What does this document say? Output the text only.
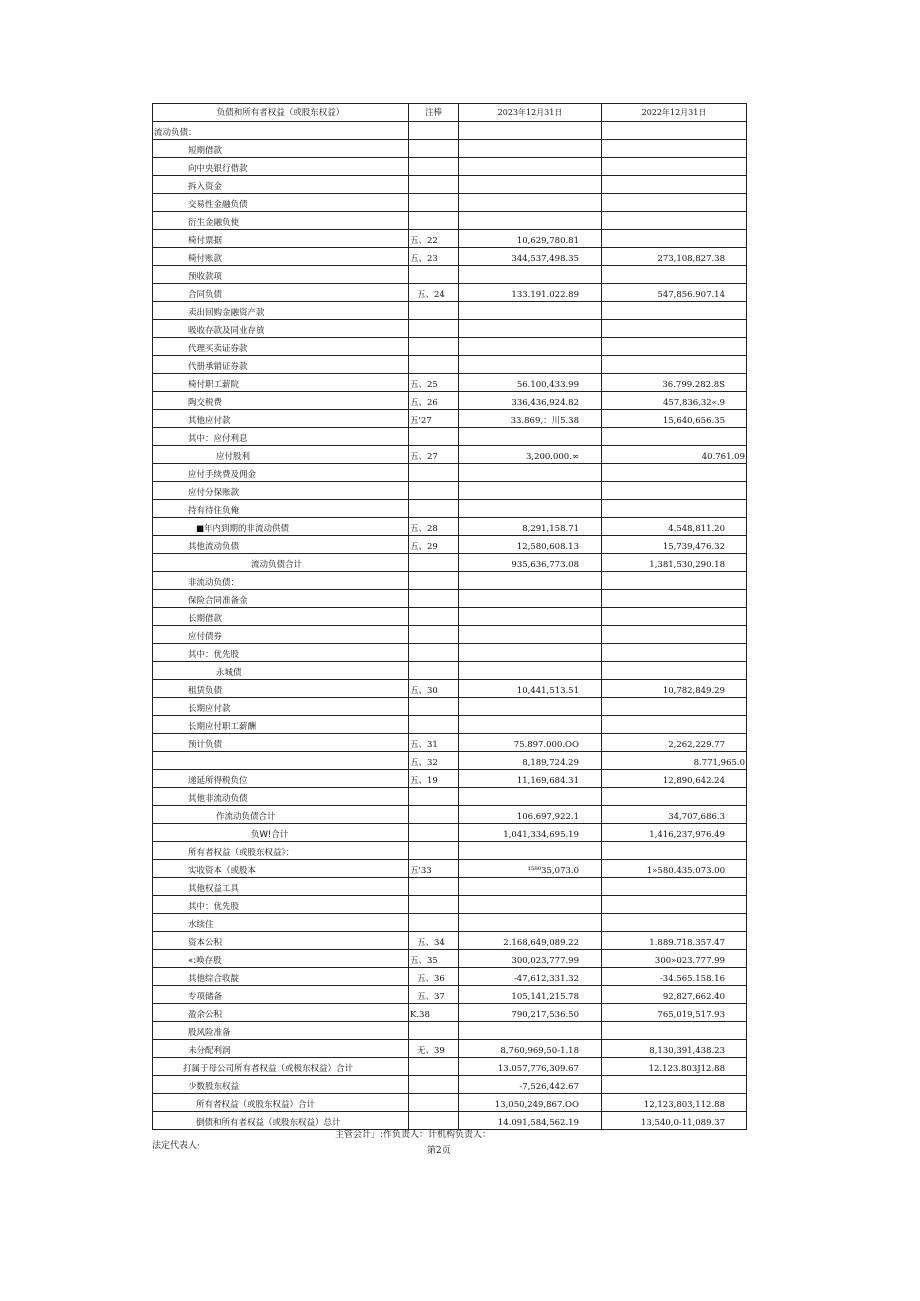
负债和所有者权益（或股东权益）	注棒	2023年12月31日	2022年12月31日
流动负债：			
短期借款			
向中央银行借款			
拆入资金			
交易性金融负债			
衍生金融负使			
椅付票据	五、22	10,629,780.81	
椅付账款	五、23	344,537,498.35	273,108,827.38
预收款项			
合同负债	五、24	133.191.022.89	547,856.907.14
卖出回购金融资产款			
吸收存款及同业存放			
代理买卖证券款			
代册承销证券款			
椅付职工薪院	五、25	56.100,433.99	36.799.282.8S
陶交税费	五、26	336,436,924.82	457,836,32«.9
其他应付款	五'27	33.869,：川5.38	15,640,656.35
其中：应付利息			
应付股利	五、27	3,200.000.∞	40.761.09
应付手续费及佣金			
应付分保账款			
持有待住负俺			
■年内到期的非流动供债	五、28	8,291,158.71	4.548,811.20
其他流动负债	五、29	12,580,608.13	15,739,476.32
流动负债合计		935,636,773.08	1,381,530,290.18
非流动负债：			
保险合同准备金			
长期借款			
应付债券			
其中：优先股			
永城债			
租赁负债	五、30	10,441,513.51	10,782,849.29
长期应付款			
长期应付职工薪酬			
预计负债	五、31	75.897.000.OO	2,262,229.77
	五、32	8,189,724.29	8.771,965.0
递延所得税负位	五、19	11,169,684.31	12,890,642.24
其他非流动负债			
作流动负债合计		106.697,922.1	34,707,686.3
负W!合计		1,041,334,695.19	1,416,237,976.49
所有者权益（或股东权益》：			
实收资本（或股本	五'33	¹⁵⁸⁰35,073.0	1»580.435.073.00
其他权益工具			
其中：优先股			
水续住			
资本公积	五、34	2.168,649,089.22	1.889.718.357.47
«:唤存股	五、35	300,023,777.99	300»023.777.99
其他综合收靛	五、36	-47,612,331.32	-34.565.158.16
专项储备	五、37	105,141,215.78	92,827,662.40
盈余公积	K.38	790,217,536.50	765,019,517.93
股风险准备			
未分配利润	无、39	8,760,969,50-1.18	8,130,391,438.23
打属于母公司所有者权益（或极东权益）合计		13.057,776,309.67	12.123.803J12.88
少数股东权益		-7,526,442.67	
所有者权益（或股东权益）合计		13,050,249,867.OO	12,123,803,112.88
倒债和所有者权益（或股东权益）总计		14.091,584,562.19	13,540,0-11,089.37
主管会计」:作负责人：计机构负责人：
法定代表人·	第2页
